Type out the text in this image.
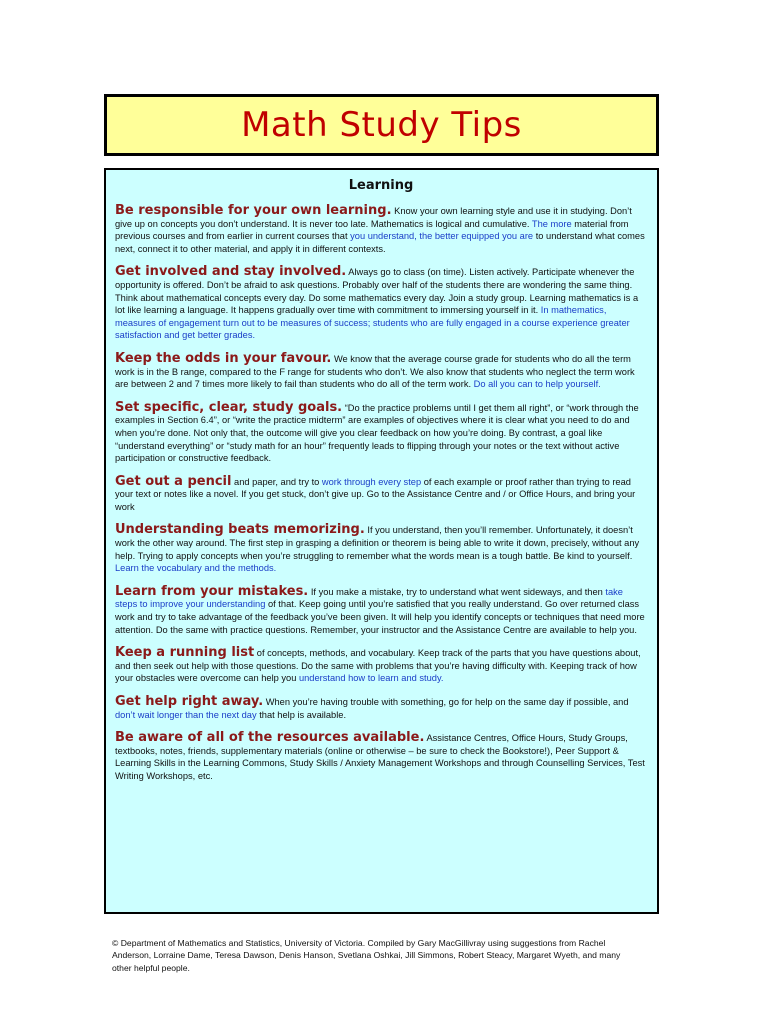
Math Study Tips
Learning

Be responsible for your own learning. Know your own learning style and use it in studying. Don’t give up on concepts you don’t understand. It is never too late. Mathematics is logical and cumulative. The more material from previous courses and from earlier in current courses that you understand, the better equipped you are to understand what comes next, connect it to other material, and apply it in different contexts.

Get involved and stay involved. Always go to class (on time). Listen actively. Participate whenever the opportunity is offered. Don’t be afraid to ask questions. Probably over half of the students there are wondering the same thing. Think about mathematical concepts every day. Do some mathematics every day. Join a study group. Learning mathematics is a lot like learning a language. It happens gradually over time with commitment to immersing yourself in it. In mathematics, measures of engagement turn out to be measures of success; students who are fully engaged in a course experience greater satisfaction and get better grades.

Keep the odds in your favour. We know that the average course grade for students who do all the term work is in the B range, compared to the F range for students who don’t. We also know that students who neglect the term work are between 2 and 7 times more likely to fail than students who do all of the term work. Do all you can to help yourself.

Set specific, clear, study goals. “Do the practice problems until I get them all right”, or “work through the examples in Section 6.4”, or “write the practice midterm” are examples of objectives where it is clear what you need to do and when you’re done. Not only that, the outcome will give you clear feedback on how you’re doing. By contrast, a goal like “understand everything” or “study math for an hour” frequently leads to flipping through your notes or the text without active participation or constructive feedback.

Get out a pencil and paper, and try to work through every step of each example or proof rather than trying to read your text or notes like a novel. If you get stuck, don’t give up. Go to the Assistance Centre and / or Office Hours, and bring your work

Understanding beats memorizing. If you understand, then you’ll remember. Unfortunately, it doesn’t work the other way around. The first step in grasping a definition or theorem is being able to write it down, precisely, without any help. Trying to apply concepts when you’re struggling to remember what the words mean is a tough battle. Be kind to yourself. Learn the vocabulary and the methods.

Learn from your mistakes. If you make a mistake, try to understand what went sideways, and then take steps to improve your understanding of that. Keep going until you’re satisfied that you really understand. Go over returned class work and try to take advantage of the feedback you’ve been given. It will help you identify concepts or techniques that need more attention. Do the same with practice questions. Remember, your instructor and the Assistance Centre are available to help you.

Keep a running list of concepts, methods, and vocabulary. Keep track of the parts that you have questions about, and then seek out help with those questions. Do the same with problems that you’re having difficulty with. Keeping track of how your obstacles were overcome can help you understand how to learn and study.

Get help right away. When you’re having trouble with something, go for help on the same day if possible, and don’t wait longer than the next day that help is available.

Be aware of all of the resources available. Assistance Centres, Office Hours, Study Groups, textbooks, notes, friends, supplementary materials (online or otherwise – be sure to check the Bookstore!), Peer Support & Learning Skills in the Learning Commons, Study Skills / Anxiety Management Workshops and through Counselling Services, Test Writing Workshops, etc.

© Department of Mathematics and Statistics, University of Victoria. Compiled by Gary MacGillivray using suggestions from Rachel Anderson, Lorraine Dame, Teresa Dawson, Denis Hanson, Svetlana Oshkai, Jill Simmons, Robert Steacy, Margaret Wyeth, and many other helpful people.
